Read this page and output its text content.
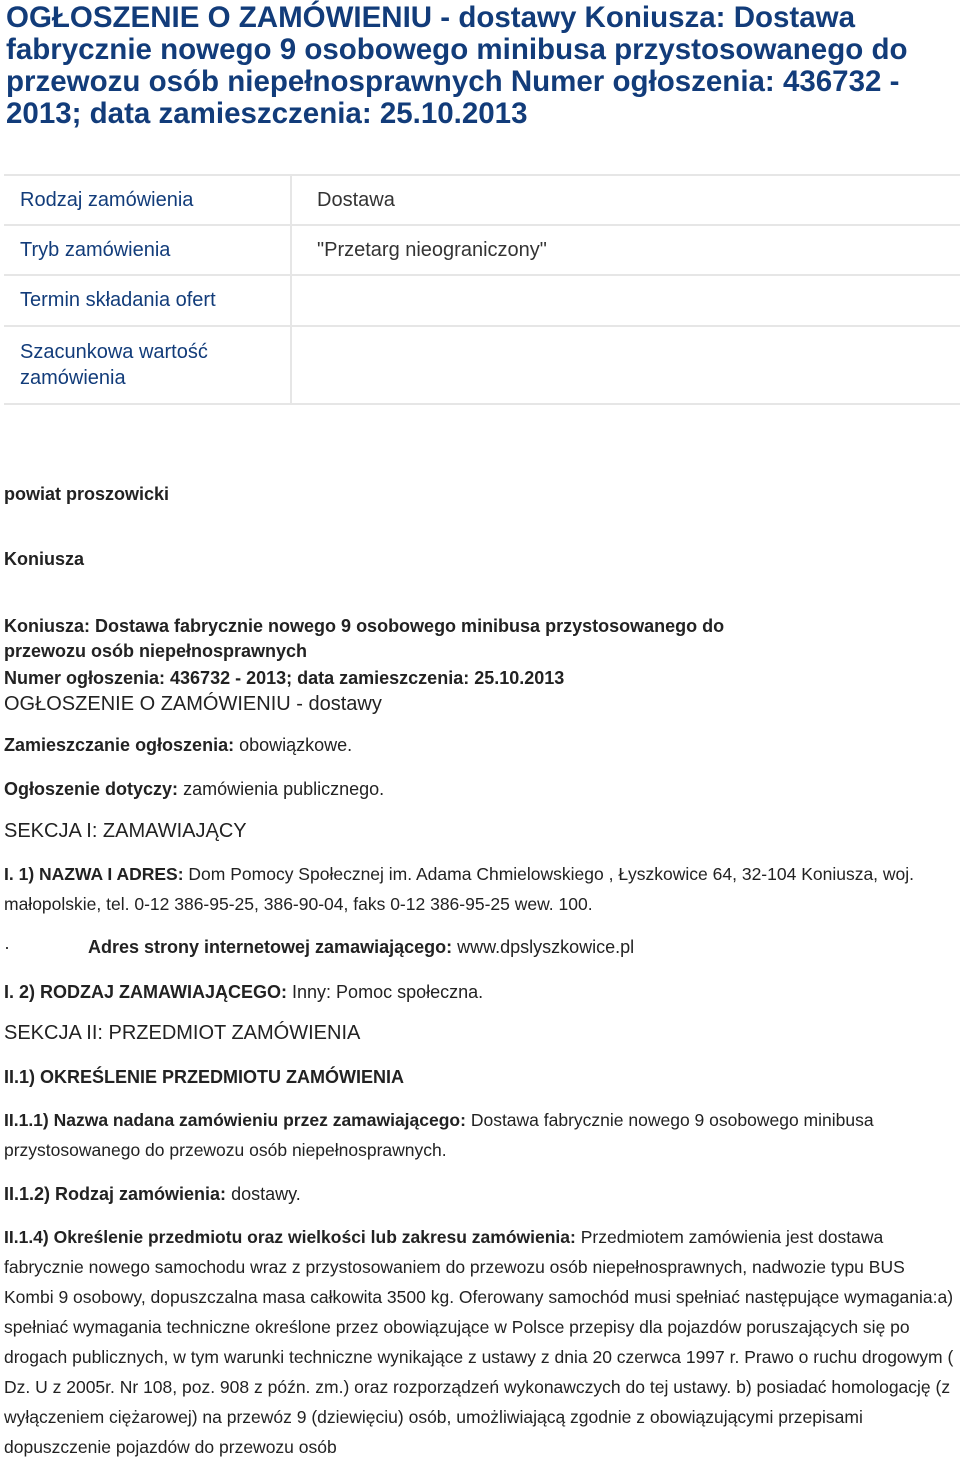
OGŁOSZENIE O ZAMÓWIENIU - dostawy Koniusza: Dostawa fabrycznie nowego 9 osobowego minibusa przystosowanego do przewozu osób niepełnosprawnych Numer ogłoszenia: 436732 - 2013; data zamieszczenia: 25.10.2013
Rodzaj zamówienia	Dostawa
Tryb zamówienia	"Przetarg nieograniczony"
Termin składania ofert	
Szacunkowa wartość zamówienia	

powiat proszowicki

Koniusza

Koniusza: Dostawa fabrycznie nowego 9 osobowego minibusa przystosowanego do

przewozu osób niepełnosprawnych

Numer ogłoszenia: 436732 - 2013; data zamieszczenia: 25.10.2013

OGŁOSZENIE O ZAMÓWIENIU - dostawy

Zamieszczanie ogłoszenia: obowiązkowe.

Ogłoszenie dotyczy: zamówienia publicznego.

SEKCJA I: ZAMAWIAJĄCY

I. 1) NAZWA I ADRES: Dom Pomocy Społecznej im. Adama Chmielowskiego , Łyszkowice 64, 32-104 Koniusza, woj. małopolskie, tel. 0-12 386-95-25, 386-90-04, faks 0-12 386-95-25 wew. 100.

·	Adres strony internetowej zamawiającego: www.dpslyszkowice.pl

I. 2) RODZAJ ZAMAWIAJĄCEGO: Inny: Pomoc społeczna.

SEKCJA II: PRZEDMIOT ZAMÓWIENIA

II.1) OKREŚLENIE PRZEDMIOTU ZAMÓWIENIA

II.1.1) Nazwa nadana zamówieniu przez zamawiającego: Dostawa fabrycznie nowego 9 osobowego minibusa przystosowanego do przewozu osób niepełnosprawnych.

II.1.2) Rodzaj zamówienia: dostawy.

II.1.4) Określenie przedmiotu oraz wielkości lub zakresu zamówienia: Przedmiotem zamówienia jest dostawa fabrycznie nowego samochodu wraz z przystosowaniem do przewozu osób niepełnosprawnych, nadwozie typu BUS Kombi 9 osobowy, dopuszczalna masa całkowita 3500 kg. Oferowany samochód musi spełniać następujące wymagania:a) spełniać wymagania techniczne określone przez obowiązujące w Polsce przepisy dla pojazdów poruszających się po drogach publicznych, w tym warunki techniczne wynikające z ustawy z dnia 20 czerwca 1997 r. Prawo o ruchu drogowym ( Dz. U z 2005r. Nr 108, poz. 908 z późn. zm.) oraz rozporządzeń wykonawczych do tej ustawy. b) posiadać homologację (z wyłączeniem ciężarowej) na przewóz 9 (dziewięciu) osób, umożliwiającą zgodnie z obowiązującymi przepisami dopuszczenie pojazdów do przewozu osób
